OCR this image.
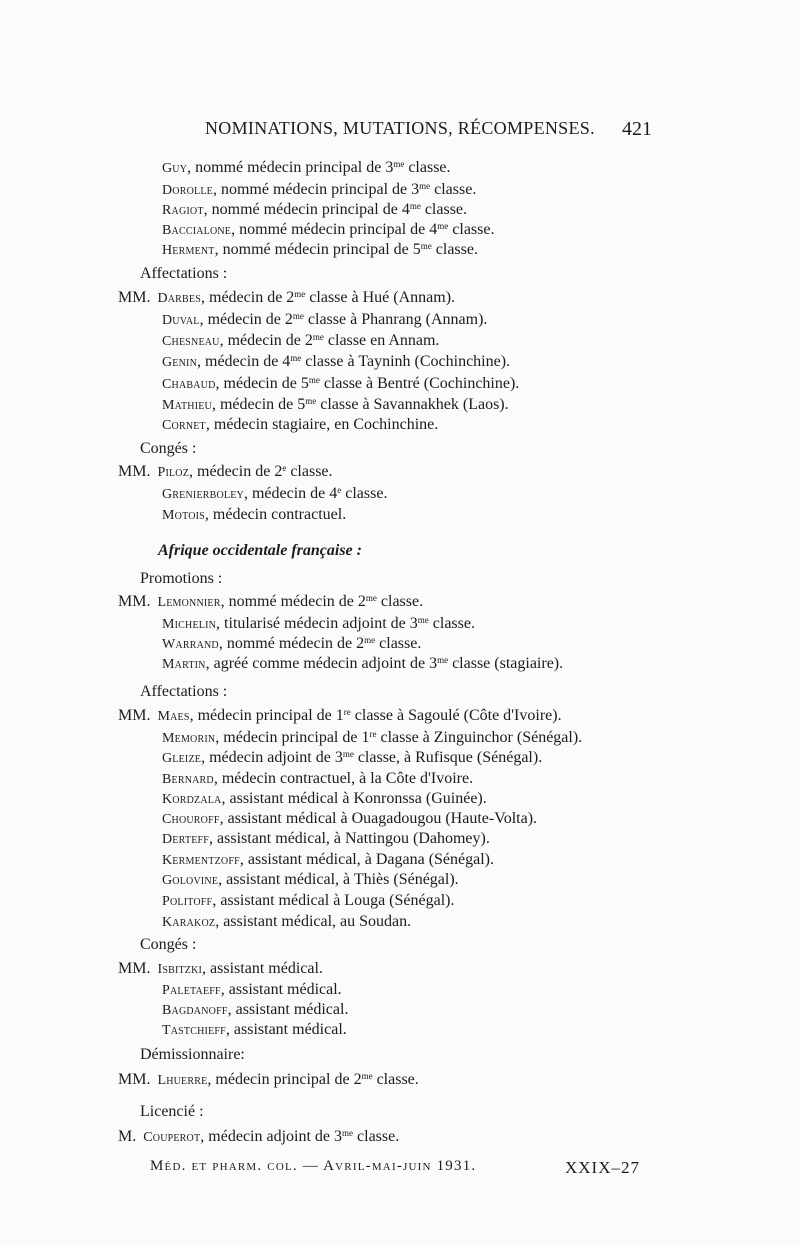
NOMINATIONS, MUTATIONS, RÉCOMPENSES. 421
Guy, nommé médecin principal de $3^{me}$ classe.
Dorolle, nommé médecin principal de $3^{me}$ classe.
Ragiot, nommé médecin principal de $4^{me}$ classe.
Baccialone, nommé médecin principal de $4^{me}$ classe.
Herment, nommé médecin principal de $5^{me}$ classe.
Affectations :
MM. Darbes, médecin de $2^{me}$ classe à Hué (Annam).
Duval, médecin de $2^{me}$ classe à Phanrang (Annam).
Chesneau, médecin de $2^{me}$ classe en Annam.
Genin, médecin de $4^{me}$ classe à Tayninh (Cochinchine).
Chabaud, médecin de $5^{me}$ classe à Bentré (Cochinchine).
Mathieu, médecin de $5^{me}$ classe à Savannakhek (Laos).
Cornet, médecin stagiaire, en Cochinchine.
Congés :
MM. Piloz, médecin de 2e classe.
Grenierboley, médecin de 4e classe.
Motois, médecin contractuel.
Afrique occidentale française :
Promotions :
MM. Lemonnier, nommé médecin de $2^{me}$ classe.
Michelin, titularisé médecin adjoint de $3^{me}$ classe.
Warrand, nommé médecin de $2^{me}$ classe.
Martin, agréé comme médecin adjoint de $3^{me}$ classe (stagiaire).
Affectations :
MM. Maes, médecin principal de 1re classe à Sagoulé (Côte d'Ivoire).
Memorin, médecin principal de 1re classe à Zinguinchor (Sénégal).
Gleize, médecin adjoint de $3^{me}$ classe, à Rufisque (Sénégal).
Bernard, médecin contractuel, à la Côte d'Ivoire.
Kordzala, assistant médical à Konronssa (Guinée).
Chouroff, assistant médical à Ouagadougou (Haute-Volta).
Derteff, assistant médical, à Nattingou (Dahomey).
Kermentzoff, assistant médical, à Dagana (Sénégal).
Golovine, assistant médical, à Thiès (Sénégal).
Politoff, assistant médical à Louga (Sénégal).
Karakoz, assistant médical, au Soudan.
Congés :
MM. Isbitzki, assistant médical.
Paletaeff, assistant médical.
Bagdanoff, assistant médical.
Tastchieff, assistant médical.
Démissionnaire:
MM. Lhuerre, médecin principal de $2^{me}$ classe.
Licencié :
M. Couperot, médecin adjoint de $3^{me}$ classe.
Méd. et pharm. col. — Avril-mai-juin 1931.	XXIX–27
